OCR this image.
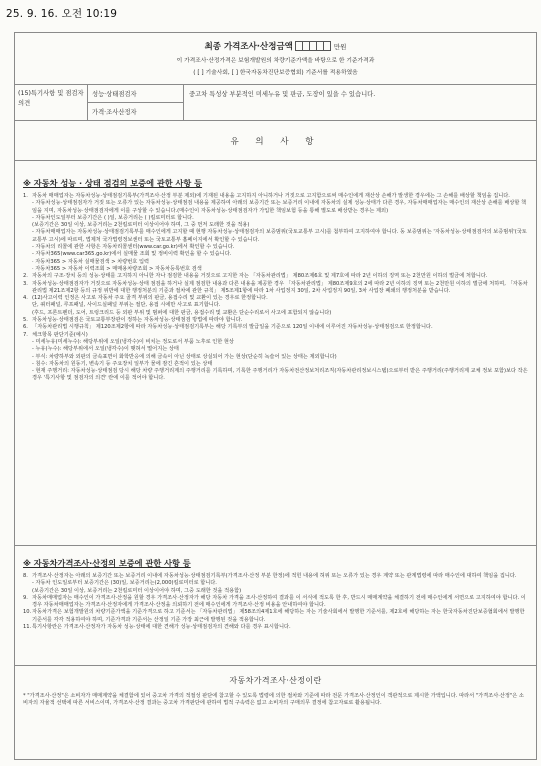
25. 9. 16. 오전 10:19
최종 가격조사·산정금액	만원
이 가격조사·산정가격은 보험개발원의 차량기준가액을 바탕으로 한 기준가격과
( [ ] 기술사회, [ ] 한국자동차진단보증협회) 기준서를 적용하였음
(15)특기사항 및 점검자 의견
성능·상태점검자
가격·조사산정자
중고차 특성상 부분적인 미세누유 및 판금, 도장이 있을 수 있습니다.
유 의 사 항
※ 자동차 성능 · 상태 점검의 보증에 관한 사항 등
1. 자동차 매매업자는 자동차성능·상태점검기록부(가격조사·산정 부분 제외)에 기재된 내용을 고지하지 아니하거나 거짓으로 고지함으로써 매수인에게 재산상 손해가 발생한 경우에는 그 손해를 배상할 책임을 집니다.
- 자동차성능·상태점검자가 거짓 또는 오류가 있는 자동차성능·상태점검 내용을 제공하여 아래의 보증기간 또는 보증거리 이내에 자동차의 실제 성능·상태가 다른 경우, 자동차매매업자는 매수인의 재산상 손해를 배상할 책임을 지며, 자동차성능·상태점검자에게 이를 구상할 수 있습니다.(매수인이 자동차성능·상태점검자가 가입한 책임보험 등을 통해 별도로 배상받는 경우는 제외)
- 자동차인도일부터 보증기간은 ( )일, 보증거리는 ( )킬로미터로 합니다.
(보증기간은 30일 이상, 보증거리는 2천킬로미터 이상이어야 하며, 그 중 먼저 도래한 것을 적용)
- 자동차매매업자는 자동차성능·상태점검기록부를 매수인에게 고지할 때 현행 자동차성능·상태점검자의 보증범위(국토교통부 고시)를 첨부하여 고지하여야 합니다. 동 보증범위는 '자동차성능·상태점검자의 보증범위'(국토교통부 고시)에 따르며, 법제처 국가법령정보센터 또는 국토교통부 홈페이지에서 확인할 수 있습니다.
- 자동차의 리콜에 관한 사항은 자동차리콜센터(www.car.go.kr)에서 확인할 수 있습니다.
- 자동차365(www.car365.go.kr)에서 실매물 조회 및 정비이력 확인을 할 수 있습니다.
· 자동차365 > 자동차 실매물검색 > 차량번호 입력
· 자동차365 > 자동차 이력조회 > 매매용차량조회 > 자동차등록번호 검색
2. 자동차의 구조·장치 등의 성능·상태를 고지하지 아니한 자나 점검한 내용을 거짓으로 고지한 자는 「자동차관리법」 제80조제6호 및 제7호에 따라 2년 이하의 징역 또는 2천만원 이하의 벌금에 처합니다.
3. 자동차성능·상태점검자가 거짓으로 자동차성능·상태 점검을 하거나 실제 점검한 내용과 다른 내용을 제공한 경우 「자동차관리법」 제80조제9호의 2에 따라 2년 이하의 징역 또는 2천만원 이하의 벌금에 처하며, 「자동차관리법 제21조제2항 등의 규정 위반에 대한 행정처분의 기준과 절차에 관한 규칙」 제5조제1항에 따라 1차 사업정지 30일, 2차 사업정지 90일, 3차 사업장 폐쇄의 행정처분을 받습니다.
4. (12)사고이력 인정은 사고로 자동차 주요 골격 부위의 판금, 용접수리 및 교환이 있는 경우로 한정합니다.
단, 쿼터패널, 루프패널, 사이드실패널 부위는 절단, 용접 시에만 사고로 표기합니다.
(후드, 프론트펜더, 도어, 트렁크리드 등 외판 부위 및 범퍼에 대한 판금, 용접수리 및 교환은 단순수리로서 사고에 포함되지 않습니다)
5. 자동차성능·상태점검은 국토교통부장관이 정하는 자동차성능·상태점검 방법에 따라야 합니다.
6. 「자동차관리법 시행규칙」 제120조제2항에 따라 자동차성능·상태점검기록부는 해당 기록부의 발급일을 기준으로 120일 이내에 이루어진 자동차성능·상태점검으로 한정합니다.
7. 체크항목 판단기준(예시)
- 미세누유(미세누수): 해당부위에 오일(냉각수)이 비치는 정도로서 부품 노후로 인한 현상
- 누유(누수): 해당부위에서 오일(냉각수)이 맺혀서 떨어지는 상태
- 부식: 차량하부와 외판의 금속표면이 화학반응에 의해 금속이 아닌 상태로 상실되어 가는 현상(단순히 녹슬어 있는 상태는 제외합니다)
- 침수: 자동차의 원동기, 변속기 등 주요장치 일부가 물에 잠긴 흔적이 있는 상태
- 현재 주행거리: 자동차성능·상태점검 당시 해당 차량 주행거리계의 주행거리를 기록하며, 기록한 주행거리가 자동차전산정보처리조직(자동차관리정보시스템)으로부터 받은 주행거리(주행거리계 교체 정보 포함)보다 작은 경우 '특기사항 및 점검자의 의견' 란에 이를 적어야 합니다.
※ 자동차가격조사·산정의 보증에 관한 사항 등
8. 가격조사·산정자는 아래의 보증기간 또는 보증거리 이내에 자동차성능·상태점검기록부(가격조사·산정 부분 한정)에 적힌 내용에 허위 또는 오류가 있는 경우 계약 또는 관계법령에 따라 매수인에 대하여 책임을 집니다.
- 자동차 인도일로부터 보증기간은 (30)일, 보증거리는(2,000)킬로미터로 합니다.
(보증기간은 30일 이상, 보증거리는 2천킬로미터 이상이어야 하며, 그중 도래한 것을 적용함)
9. 자동차매매업자는 매수인이 가격조사·산정을 원할 경우 가격조사·산정자가 해당 자동차 가격을 조사·산정하여 결과를 이 서식에 적도록 한 후, 반드시 매매계약을 체결하기 전에 매수인에게 서면으로 고지하여야 합니다. 이 경우 자동차매매업자는 가격조사·산정자에게 가격조사·산정을 의뢰하기 전에 매수인에게 가격조사·산정 비용을 안내하여야 합니다.
10. 자동차가격은 보험개발원의 차량기준가액을 기준가격으로 하고 기준서는 「자동차관리법」 제58조의4제1호에 해당하는 자는 기술사회에서 발행한 기준서를, 제2호에 해당하는 자는 한국자동차진단보증협회에서 발행한 기준서를 각각 적용하여야 하며, 기준가격과 기준서는 산정일 기준 가장 최근에 발행된 것을 적용합니다.
11. 특기사항란은 가격조사·산정자가 자동차 성능·상태에 대한 견해가 성능·상태점검자의 견해와 다를 경우 표시합니다.
자동차가격조사·산정이란
* "가격조사·산정"은 소비자가 매매계약을 체결함에 있어 중고차 가격의 적절성 판단에 참고할 수 있도록 법령에 의한 절차와 기준에 따라 전문 가격조사·산정인이 객관적으로 제시한 가액입니다. 따라서 "가격조사·산정"은 소비자의 자율적 선택에 따른 서비스이며, 가격조사·산정 결과는 중고차 가격판단에 관하여 법적 구속력은 없고 소비자의 구매의무 결정에 참고자료로 활용됩니다.
